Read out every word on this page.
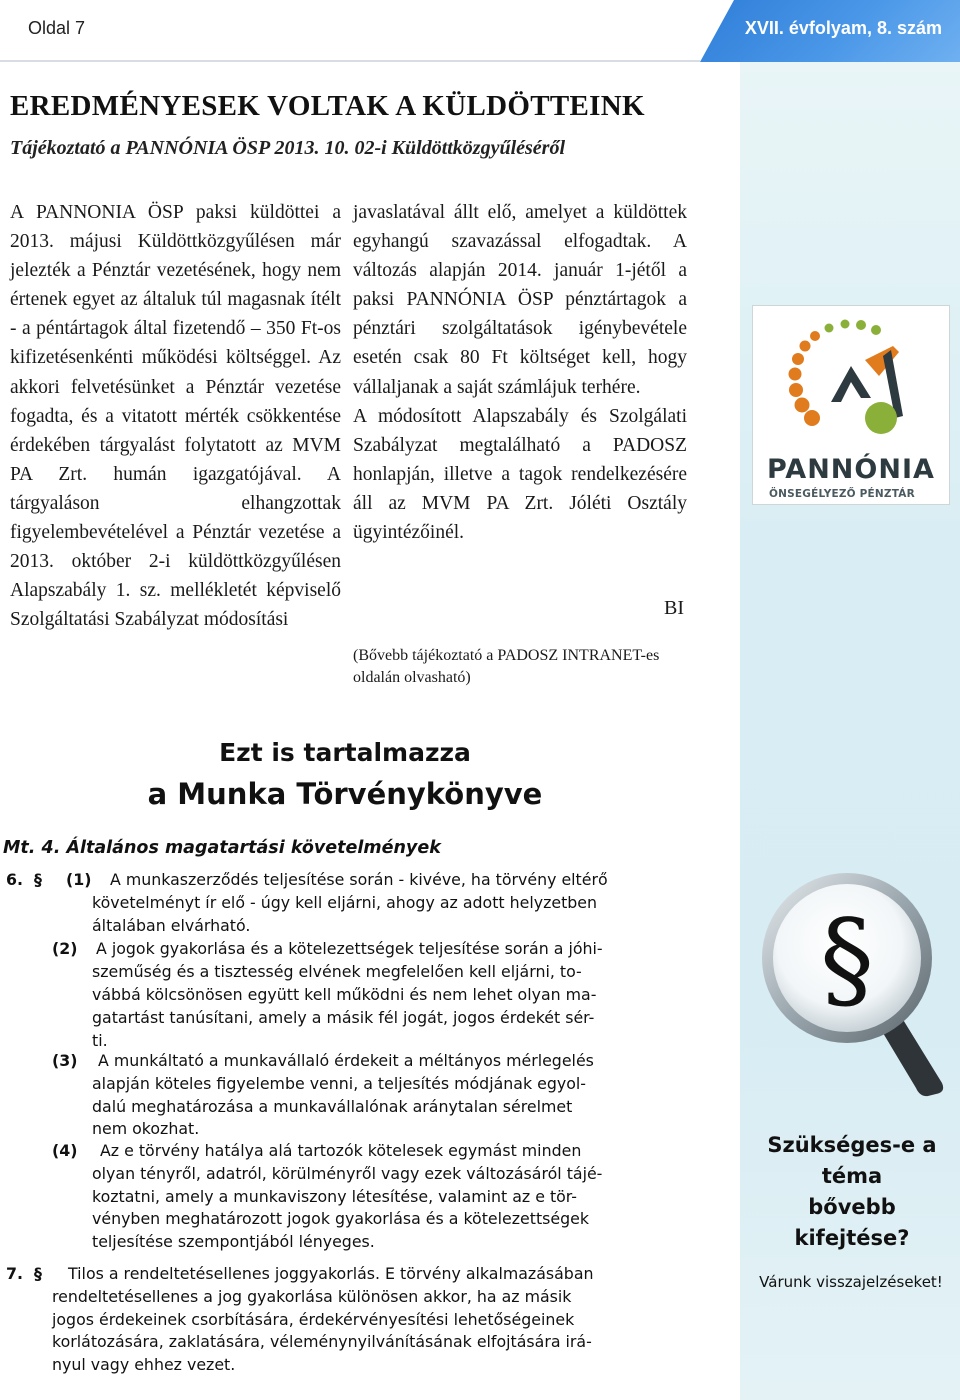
Oldal 7	XVII. évfolyam, 8. szám
PANNÓNIA
ÖNSEGÉLYEZŐ PÉNZTÁR
§
Szükséges-e a
téma
bővebb
kifejtése?
Várunk visszajelzéseket!
EREDMÉNYESEK VOLTAK A KÜLDÖTTEINK
Tájékoztató a PANNÓNIA ÖSP 2013. 10. 02-i Küldöttközgyűléséről

A PANNONIA ÖSP paksi küldöttei a 2013. májusi Küldöttközgyűlésen már jelezték a Pénztár vezetésének, hogy nem értenek egyet az általuk túl magasnak ítélt - a péntártagok által fizetendő – 350 Ft-os kifizetésenkénti működési költséggel. Az akkori felvetésünket a Pénztár vezetése fogadta, és a vitatott mérték csökkentése érdekében tárgyalást folytatott az MVM PA Zrt. humán igazgatójával. A tárgyaláson elhangzottak figyelembevételével a Pénztár vezetése a 2013. október 2-i küldöttközgyűlésen Alapszabály 1. sz. mellékletét képviselő Szolgáltatási Szabályzat módosítási

javaslatával állt elő, amelyet a küldöttek egyhangú szavazással elfogadtak. A változás alapján 2014. január 1-jétől a paksi PANNÓNIA ÖSP pénztártagok a pénztári szolgáltatások igénybevétele esetén csak 80 Ft költséget kell, hogy vállaljanak a saját számlájuk terhére.

A módosított Alapszabály és Szolgálati Szabályzat megtalálható a PADOSZ honlapján, illetve a tagok rendelkezésére áll az MVM PA Zrt. Jóléti Osztály ügyintézőinél.

BI
(Bővebb tájékoztató a PADOSZ INTRANET-es oldalán olvasható)
Ezt is tartalmazza
a Munka Törvénykönyve
Mt. 4. Általános magatartási követelmények
6. § (1) A munkaszerződés teljesítése során - kivéve, ha törvény eltérő
követelményt ír elő - úgy kell eljárni, ahogy az adott helyzetben
általában elvárható.
(2) A jogok gyakorlása és a kötelezettségek teljesítése során a jóhi-
szeműség és a tisztesség elvének megfelelően kell eljárni, to-
vábbá kölcsönösen együtt kell működni és nem lehet olyan ma-
gatartást tanúsítani, amely a másik fél jogát, jogos érdekét sér-
ti.
(3) A munkáltató a munkavállaló érdekeit a méltányos mérlegelés
alapján köteles figyelembe venni, a teljesítés módjának egyol-
dalú meghatározása a munkavállalónak aránytalan sérelmet
nem okozhat.
(4) Az e törvény hatálya alá tartozók kötelesek egymást minden
olyan tényről, adatról, körülményről vagy ezek változásáról tájé-
koztatni, amely a munkaviszony létesítése, valamint az e tör-
vényben meghatározott jogok gyakorlása és a kötelezettségek
teljesítése szempontjából lényeges.
7. § Tilos a rendeltetésellenes joggyakorlás. E törvény alkalmazásában
rendeltetésellenes a jog gyakorlása különösen akkor, ha az másik
jogos érdekeinek csorbítására, érdekérvényesítési lehetőségeinek
korlátozására, zaklatására, véleménynyilvánításának elfojtására irá-
nyul vagy ehhez vezet.
